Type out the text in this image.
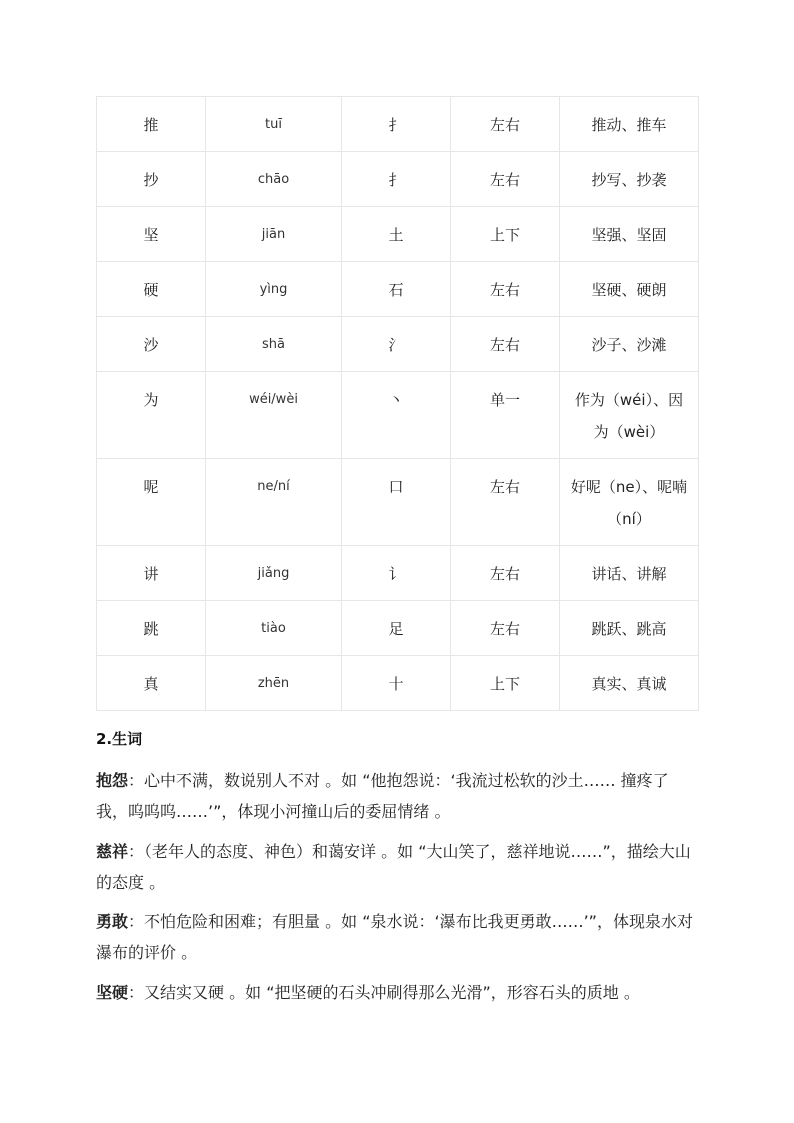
推	tuī	扌	左右	推动、推车

抄	chāo	扌	左右	抄写、抄袭

坚	jiān	土	上下	坚强、坚固

硬	yìng	石	左右	坚硬、硬朗

沙	shā	氵	左右	沙子、沙滩

为	wéi/wèi	丶	单一	作为（wéi）、因为（wèi）

呢	ne/ní	口	左右	好呢（ne）、呢喃（ní）

讲	jiǎng	讠	左右	讲话、讲解

跳	tiào	足	左右	跳跃、跳高

真	zhēn	十	上下	真实、真诚
2.生词
抱怨：心中不满，数说别人不对 。如 “他抱怨说：‘我流过松软的沙土…… 撞疼了我，呜呜呜……’”，体现小河撞山后的委屈情绪 。
慈祥：（老年人的态度、神色）和蔼安详 。如 “大山笑了，慈祥地说……”，描绘大山的态度 。
勇敢：不怕危险和困难；有胆量 。如 “泉水说：‘瀑布比我更勇敢……’”，体现泉水对瀑布的评价 。
坚硬：又结实又硬 。如 “把坚硬的石头冲刷得那么光滑”，形容石头的质地 。
